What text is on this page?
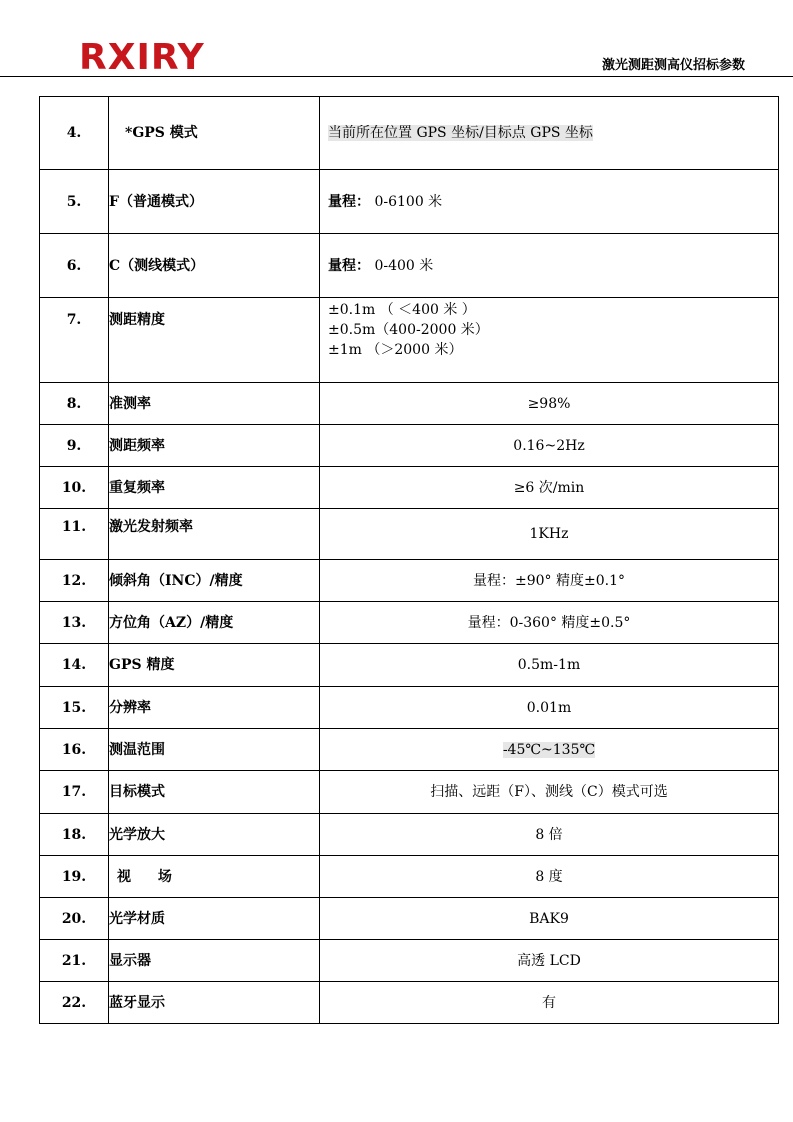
RXIRY	激光测距测高仪招标参数
4.	*GPS 模式	当前所在位置 GPS 坐标/目标点 GPS 坐标
5.	F（普通模式）	量程： 0-6100 米
6.	C（测线模式）	量程： 0-400 米
7.	测距精度	±0.1m （ ＜400 米 ）
±0.5m（400-2000 米）
±1m （＞2000 米）

8.	准测率	≥98%
9.	测距频率	0.16~2Hz
10.	重复频率	≥6 次/min
11.	激光发射频率	1KHz
12.	倾斜角（INC）/精度	量程：±90° 精度±0.1°
13.	方位角（AZ）/精度	量程：0-360° 精度±0.5°
14.	GPS 精度	0.5m-1m
15.	分辨率	0.01m
16.	测温范围	-45℃~135℃
17.	目标模式	扫描、远距（F）、测线（C）模式可选
18.	光学放大	8 倍
19.	视 场	8 度
20.	光学材质	BAK9
21.	显示器	高透 LCD
22.	蓝牙显示	有
